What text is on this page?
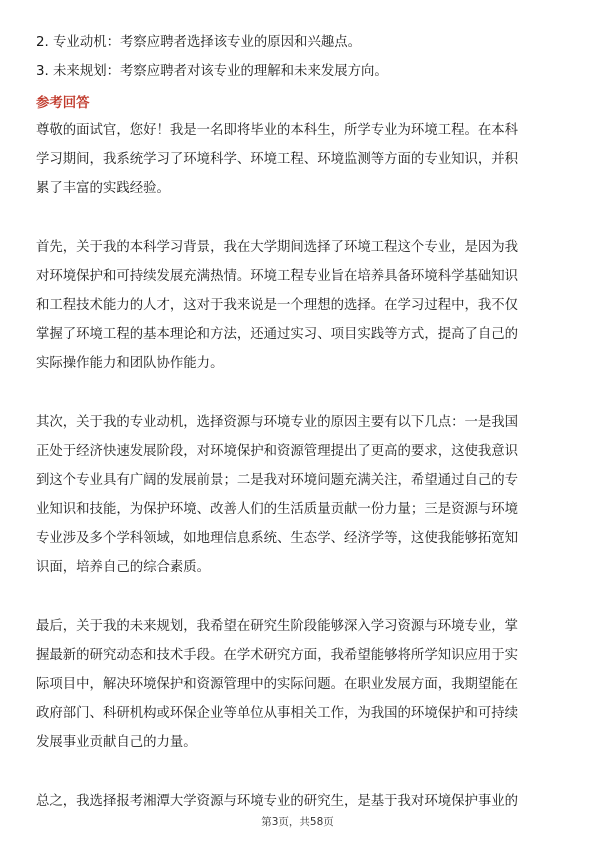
2. 专业动机：考察应聘者选择该专业的原因和兴趣点。
3. 未来规划：考察应聘者对该专业的理解和未来发展方向。
参考回答
尊敬的面试官，您好！我是一名即将毕业的本科生，所学专业为环境工程。在本科
学习期间，我系统学习了环境科学、环境工程、环境监测等方面的专业知识，并积
累了丰富的实践经验。
首先，关于我的本科学习背景，我在大学期间选择了环境工程这个专业，是因为我
对环境保护和可持续发展充满热情。环境工程专业旨在培养具备环境科学基础知识
和工程技术能力的人才，这对于我来说是一个理想的选择。在学习过程中，我不仅
掌握了环境工程的基本理论和方法，还通过实习、项目实践等方式，提高了自己的
实际操作能力和团队协作能力。
其次，关于我的专业动机，选择资源与环境专业的原因主要有以下几点：一是我国
正处于经济快速发展阶段，对环境保护和资源管理提出了更高的要求，这使我意识
到这个专业具有广阔的发展前景；二是我对环境问题充满关注，希望通过自己的专
业知识和技能，为保护环境、改善人们的生活质量贡献一份力量；三是资源与环境
专业涉及多个学科领域，如地理信息系统、生态学、经济学等，这使我能够拓宽知
识面，培养自己的综合素质。
最后，关于我的未来规划，我希望在研究生阶段能够深入学习资源与环境专业，掌
握最新的研究动态和技术手段。在学术研究方面，我希望能够将所学知识应用于实
际项目中，解决环境保护和资源管理中的实际问题。在职业发展方面，我期望能在
政府部门、科研机构或环保企业等单位从事相关工作，为我国的环境保护和可持续
发展事业贡献自己的力量。
总之，我选择报考湘潭大学资源与环境专业的研究生，是基于我对环境保护事业的
第3页，共58页
